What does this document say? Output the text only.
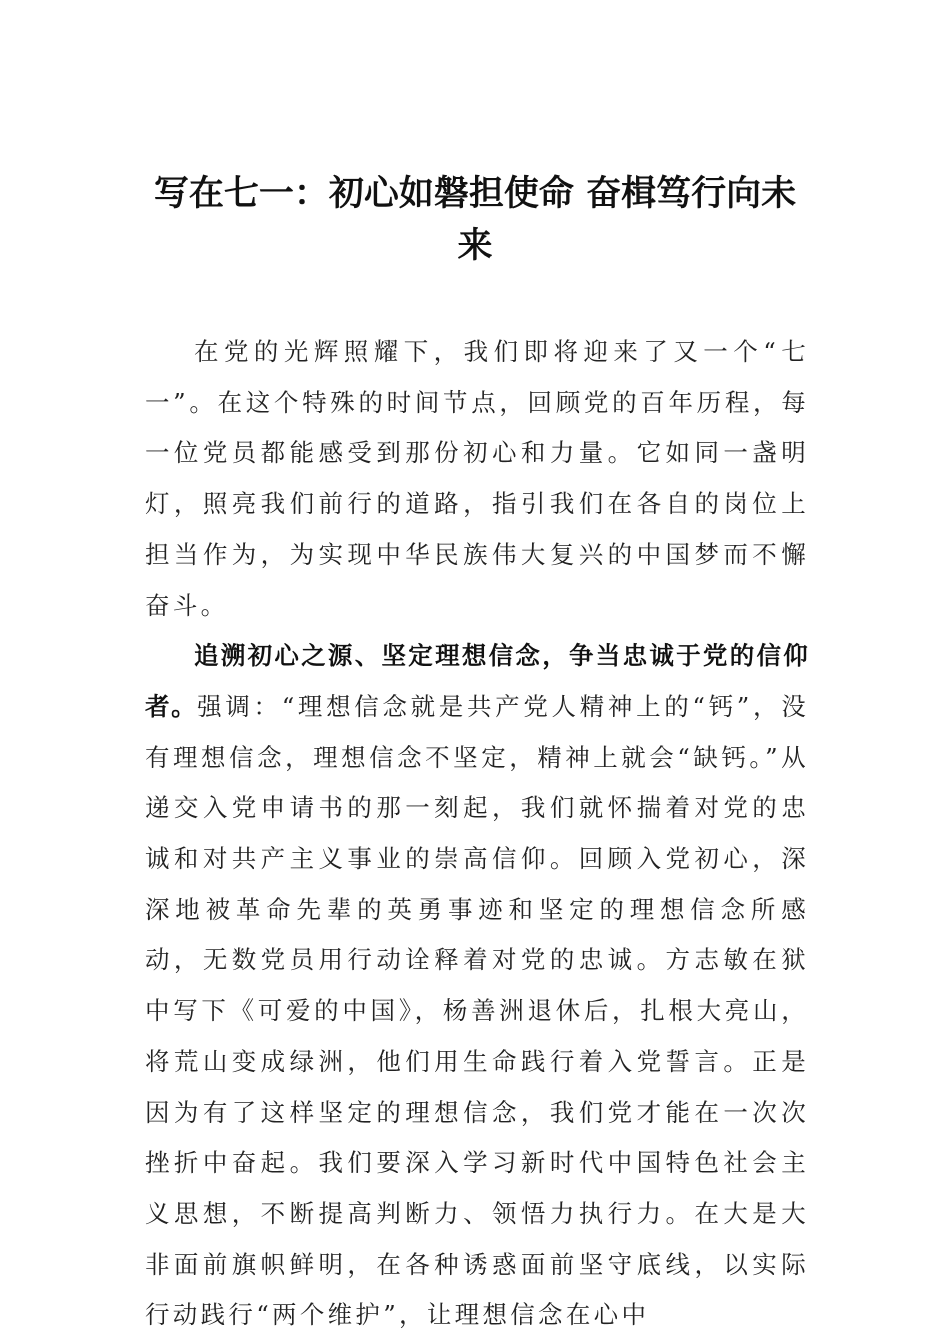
写在七一：初心如磐担使命 奋楫笃行向未来

在党的光辉照耀下，我们即将迎来了又一个“七一”。在这个特殊的时间节点，回顾党的百年历程，每一位党员都能感受到那份初心和力量。它如同一盏明灯，照亮我们前行的道路，指引我们在各自的岗位上担当作为，为实现中华民族伟大复兴的中国梦而不懈奋斗。

追溯初心之源、坚定理想信念，争当忠诚于党的信仰者。强调：“理想信念就是共产党人精神上的“钙”，没有理想信念，理想信念不坚定，精神上就会“缺钙。”从递交入党申请书的那一刻起，我们就怀揣着对党的忠诚和对共产主义事业的崇高信仰。回顾入党初心，深深地被革命先辈的英勇事迹和坚定的理想信念所感动，无数党员用行动诠释着对党的忠诚。方志敏在狱中写下《可爱的中国》，杨善洲退休后，扎根大亮山，将荒山变成绿洲，他们用生命践行着入党誓言。正是因为有了这样坚定的理想信念，我们党才能在一次次挫折中奋起。我们要深入学习新时代中国特色社会主义思想，不断提高判断力、领悟力执行力。在大是大非面前旗帜鲜明，在各种诱惑面前坚守底线，以实际行动践行“两个维护”，让理想信念在心中
